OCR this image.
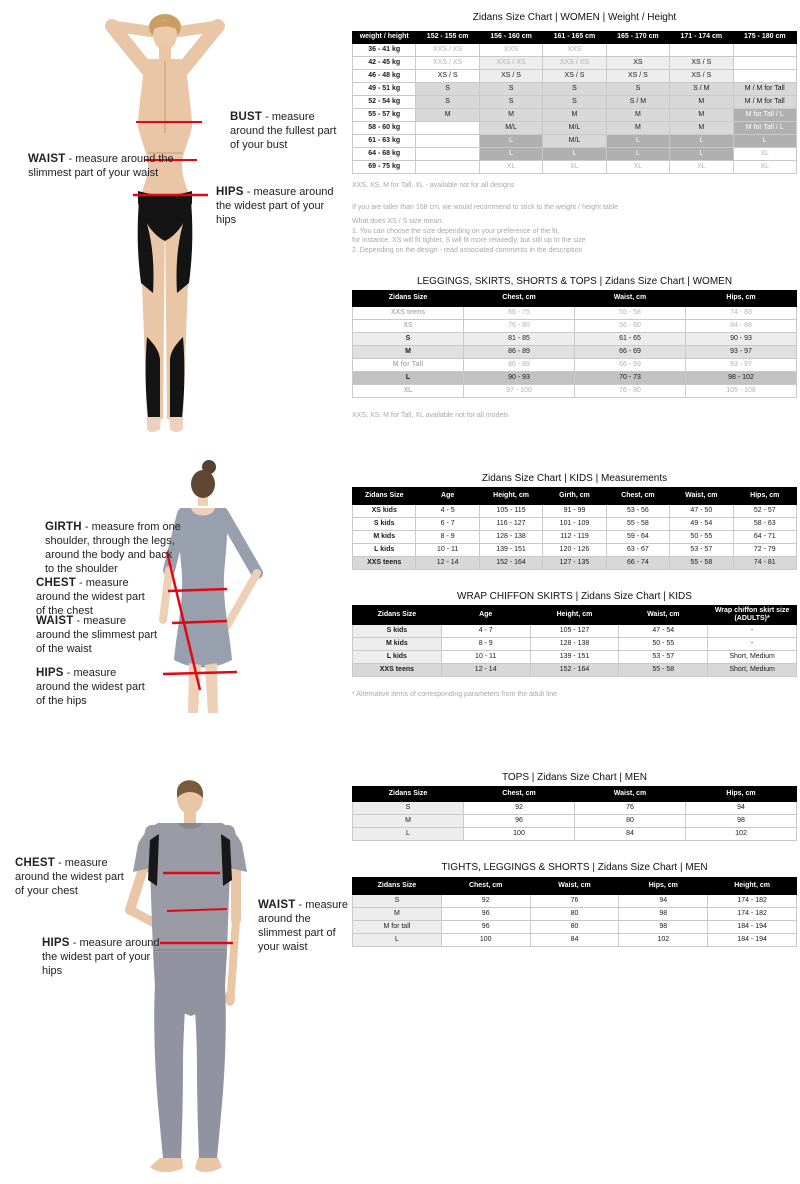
BUST - measure around the fullest part of your bust
WAIST - measure around the slimmest part of your waist
HIPS - measure around the widest part of your hips
Zidans Size Chart | WOMEN | Weight / Height
weight / height	152 - 155 cm	156 - 160 cm	161 - 165 cm	165 - 170 cm	171 - 174 cm	175 - 180 cm
36 - 41 kg	XXS / XS	XXS	XXS			
42 - 45 kg	XXS / XS	XXS / XS	XXS / XS	XS	XS / S	
46 - 48 kg	XS / S	XS / S	XS / S	XS / S	XS / S	
49 - 51 kg	S	S	S	S	S / M	M / M for Tall
52 - 54 kg	S	S	S	S / M	M	M / M for Tall
55 - 57 kg	M	M	M	M	M	M for Tall / L
58 - 60 kg		M/L	M/L	M	M	M for Tall / L
61 - 63 kg		L	M/L	L	L	L
64 - 68 kg		L	L	L	L	XL
69 - 75 kg		XL	XL	XL	XL	XL
XXS, XS, M for Tall, XL - available not for all designs
If you are taller than 168 cm, we would recommend to stick to the weight / height table
What does XS / S size mean:
1. You can choose the size depending on your preference of the fit,
for instance, XS will fit tighter, S will fit more relaxedly, but still up to the size
2. Depending on the design - read associated comments in the description
LEGGINGS, SKIRTS, SHORTS & TOPS | Zidans Size Chart | WOMEN
Zidans Size	Chest, cm	Waist, cm	Hips, cm
XXS teens	66 - 75	55 - 58	74 - 83
XS	76 - 80	56 - 60	84 - 88
S	81 - 85	61 - 65	90 - 93
M	86 - 89	66 - 69	93 - 97
M for Tall	86 - 89	66 - 69	93 - 97
L	90 - 93	70 - 73	98 - 102
XL	97 - 100	76 - 80	105 - 108
XXS, XS, M for Tall, XL available not for all models
GIRTH - measure from one shoulder, through the legs, around the body and back to the shoulder
CHEST - measure around the widest part of the chest
WAIST - measure around the slimmest part of the waist
HIPS - measure around the widest part of the hips
Zidans Size Chart | KIDS | Measurements
Zidans Size	Age	Height, cm	Girth, cm	Chest, cm	Waist, cm	Hips, cm
XS kids	4 - 5	105 - 115	91 - 99	53 - 56	47 - 50	52 - 57
S kids	6 - 7	116 - 127	101 - 109	55 - 58	49 - 54	58 - 63
M kids	8 - 9	128 - 138	112 - 119	59 - 64	50 - 55	64 - 71
L kids	10 - 11	139 - 151	120 - 126	63 - 67	53 - 57	72 - 79
XXS teens	12 - 14	152 - 164	127 - 135	66 - 74	55 - 58	74 - 81
WRAP CHIFFON SKIRTS | Zidans Size Chart | KIDS
Zidans Size	Age	Height, cm	Waist, cm	Wrap chiffon skirt size (ADULTS)*
S kids	4 - 7	105 - 127	47 - 54	-
M kids	8 - 9	128 - 138	50 - 55	-
L kids	10 - 11	139 - 151	53 - 57	Short, Medium
XXS teens	12 - 14	152 - 164	55 - 58	Short, Medium
* Alternative items of corresponding parameters from the adult line
CHEST - measure around the widest part of your chest
WAIST - measure around the slimmest part of your waist
HIPS - measure around the widest part of your hips
TOPS | Zidans Size Chart | MEN
Zidans Size	Chest, cm	Waist, cm	Hips, cm
S	92	76	94
M	96	80	98
L	100	84	102
TIGHTS, LEGGINGS & SHORTS | Zidans Size Chart | MEN
Zidans Size	Chest, cm	Waist, cm	Hips, cm	Height, cm
S	92	76	94	174 - 182
M	96	80	98	174 - 182
M for tall	96	80	98	184 - 194
L	100	84	102	184 - 194
